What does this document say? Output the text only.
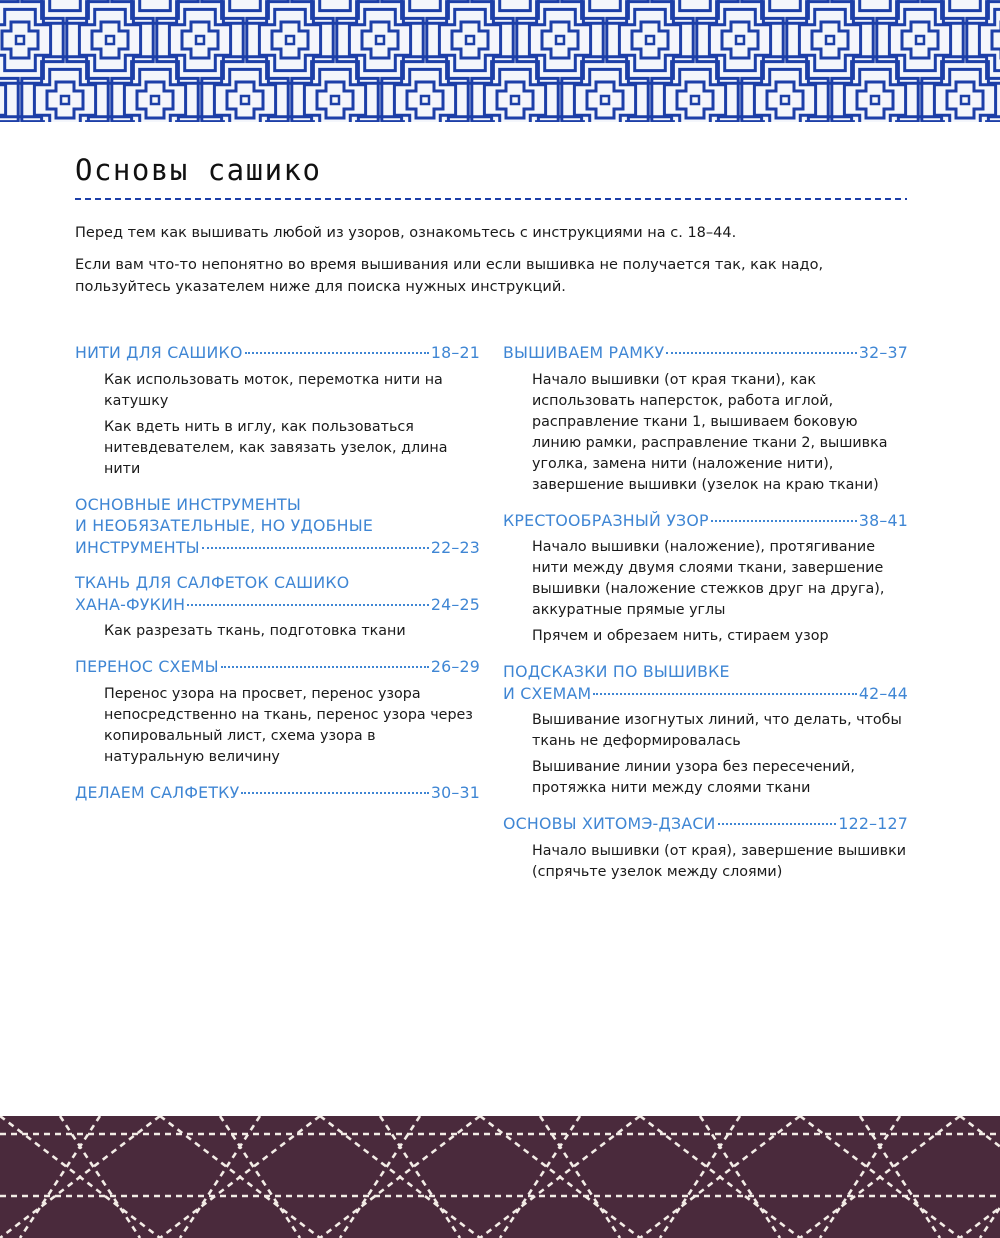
Основы сашико

Перед тем как вышивать любой из узоров, ознакомьтесь с инструкциями на с. 18–44.

Если вам что-то непонятно во время вышивания или если вышивка не получается так, как надо, пользуйтесь указателем ниже для поиска нужных инструкций.

НИТИ ДЛЯ САШИКО	18–21

Как использовать моток, перемотка нити на катушку

Как вдеть нить в иглу, как пользоваться нитевдевателем, как завязать узелок, длина нити

ОСНОВНЫЕ ИНСТРУМЕНТЫ
И НЕОБЯЗАТЕЛЬНЫЕ, НО УДОБНЫЕ
ИНСТРУМЕНТЫ	22–23
ТКАНЬ ДЛЯ САЛФЕТОК САШИКО
ХАНА-ФУКИН	24–25

Как разрезать ткань, подготовка ткани

ПЕРЕНОС СХЕМЫ	26–29

Перенос узора на просвет, перенос узора непосредственно на ткань, перенос узора через копировальный лист, схема узора в натуральную величину

ДЕЛАЕМ САЛФЕТКУ	30–31
ВЫШИВАЕМ РАМКУ	32–37

Начало вышивки (от края ткани), как использовать наперсток, работа иглой, расправление ткани 1, вышиваем боковую линию рамки, расправление ткани 2, вышивка уголка, замена нити (наложение нити), завершение вышивки (узелок на краю ткани)

КРЕСТООБРАЗНЫЙ УЗОР	38–41

Начало вышивки (наложение), протягивание нити между двумя слоями ткани, завершение вышивки (наложение стежков друг на друга), аккуратные прямые углы

Прячем и обрезаем нить, стираем узор

ПОДСКАЗКИ ПО ВЫШИВКЕ
И СХЕМАМ	42–44

Вышивание изогнутых линий, что делать, чтобы ткань не деформировалась

Вышивание линии узора без пересечений, протяжка нити между слоями ткани

ОСНОВЫ ХИТОМЭ-ДЗАСИ	122–127

Начало вышивки (от края), завершение вышивки (спрячьте узелок между слоями)
